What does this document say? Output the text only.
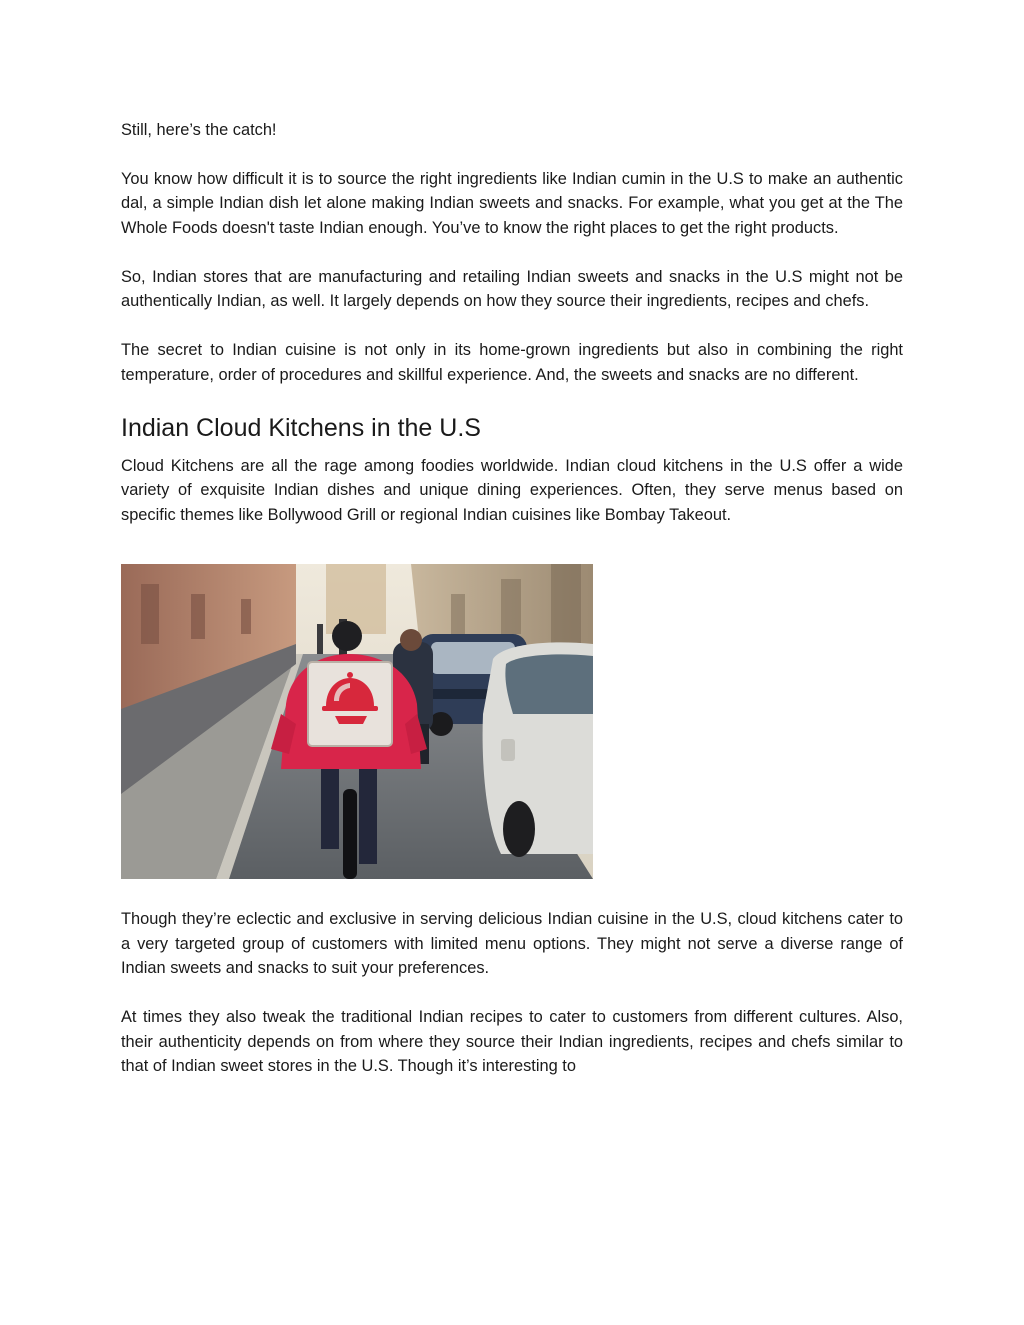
Still, here’s the catch!

You know how difficult it is to source the right ingredients like Indian cumin in the U.S to make an authentic dal, a simple Indian dish let alone making Indian sweets and snacks. For example, what you get at the The Whole Foods doesn't taste Indian enough. You’ve to know the right places to get the right products.

So, Indian stores that are manufacturing and retailing Indian sweets and snacks in the U.S might not be authentically Indian, as well. It largely depends on how they source their ingredients, recipes and chefs.

The secret to Indian cuisine is not only in its home-grown ingredients but also in combining the right temperature, order of procedures and skillful experience. And, the sweets and snacks are no different.

Indian Cloud Kitchens in the U.S

Cloud Kitchens are all the rage among foodies worldwide. Indian cloud kitchens in the U.S offer a wide variety of exquisite Indian dishes and unique dining experiences. Often, they serve menus based on specific themes like Bollywood Grill or regional Indian cuisines like Bombay Takeout.

Though they’re eclectic and exclusive in serving delicious Indian cuisine in the U.S, cloud kitchens cater to a very targeted group of customers with limited menu options. They might not serve a diverse range of Indian sweets and snacks to suit your preferences.

At times they also tweak the traditional Indian recipes to cater to customers from different cultures. Also, their authenticity depends on from where they source their Indian ingredients, recipes and chefs similar to that of Indian sweet stores in the U.S. Though it’s interesting to
